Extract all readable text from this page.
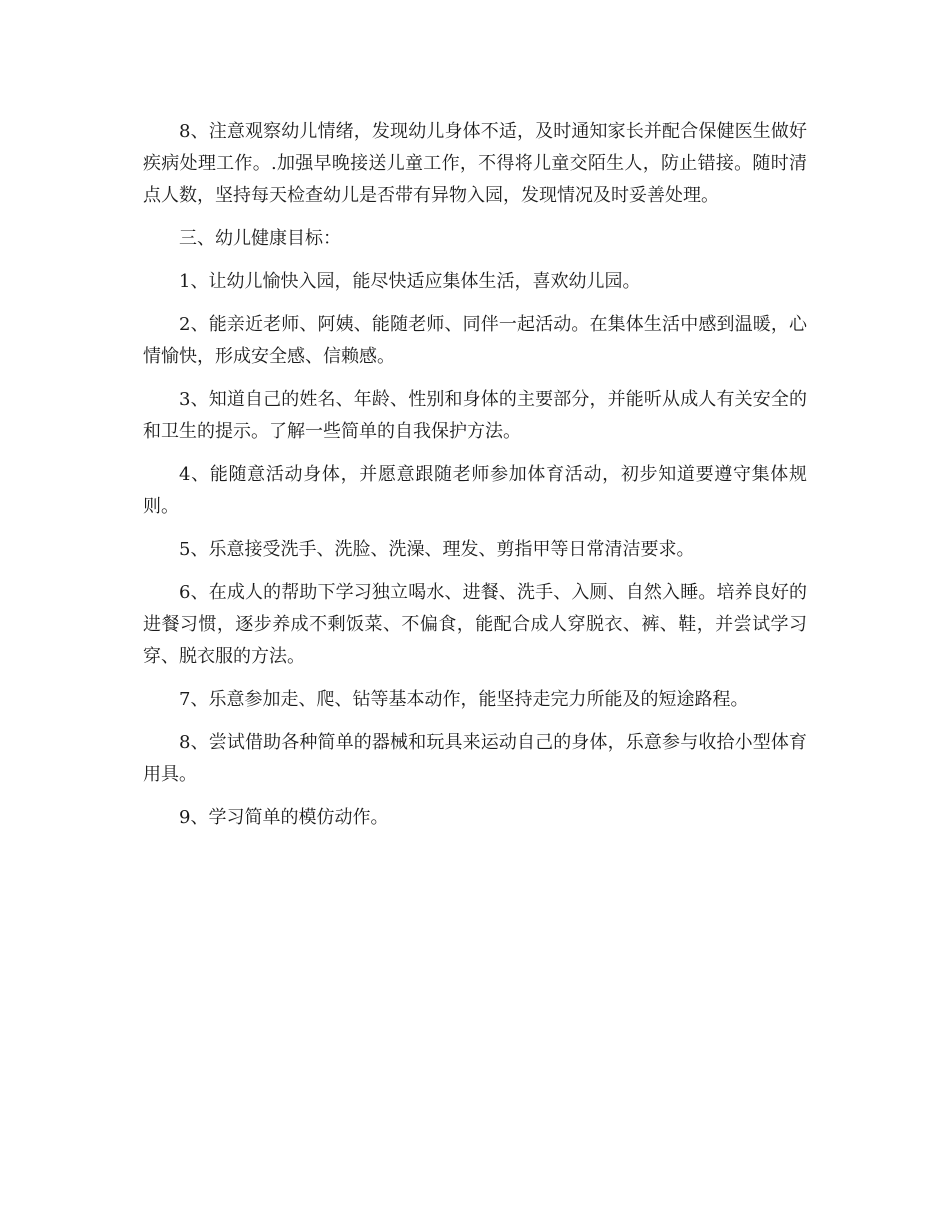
8、注意观察幼儿情绪，发现幼儿身体不适，及时通知家长并配合保健医生做好疾病处理工作。.加强早晚接送儿童工作，不得将儿童交陌生人，防止错接。随时清点人数，坚持每天检查幼儿是否带有异物入园，发现情况及时妥善处理。

三、幼儿健康目标：

1、让幼儿愉快入园，能尽快适应集体生活，喜欢幼儿园。

2、能亲近老师、阿姨、能随老师、同伴一起活动。在集体生活中感到温暖，心情愉快，形成安全感、信赖感。

3、知道自己的姓名、年龄、性别和身体的主要部分，并能听从成人有关安全的和卫生的提示。了解一些简单的自我保护方法。

4、能随意活动身体，并愿意跟随老师参加体育活动，初步知道要遵守集体规则。

5、乐意接受洗手、洗脸、洗澡、理发、剪指甲等日常清洁要求。

6、在成人的帮助下学习独立喝水、进餐、洗手、入厕、自然入睡。培养良好的进餐习惯，逐步养成不剩饭菜、不偏食，能配合成人穿脱衣、裤、鞋，并尝试学习穿、脱衣服的方法。

7、乐意参加走、爬、钻等基本动作，能坚持走完力所能及的短途路程。

8、尝试借助各种简单的器械和玩具来运动自己的身体，乐意参与收拾小型体育用具。

9、学习简单的模仿动作。
